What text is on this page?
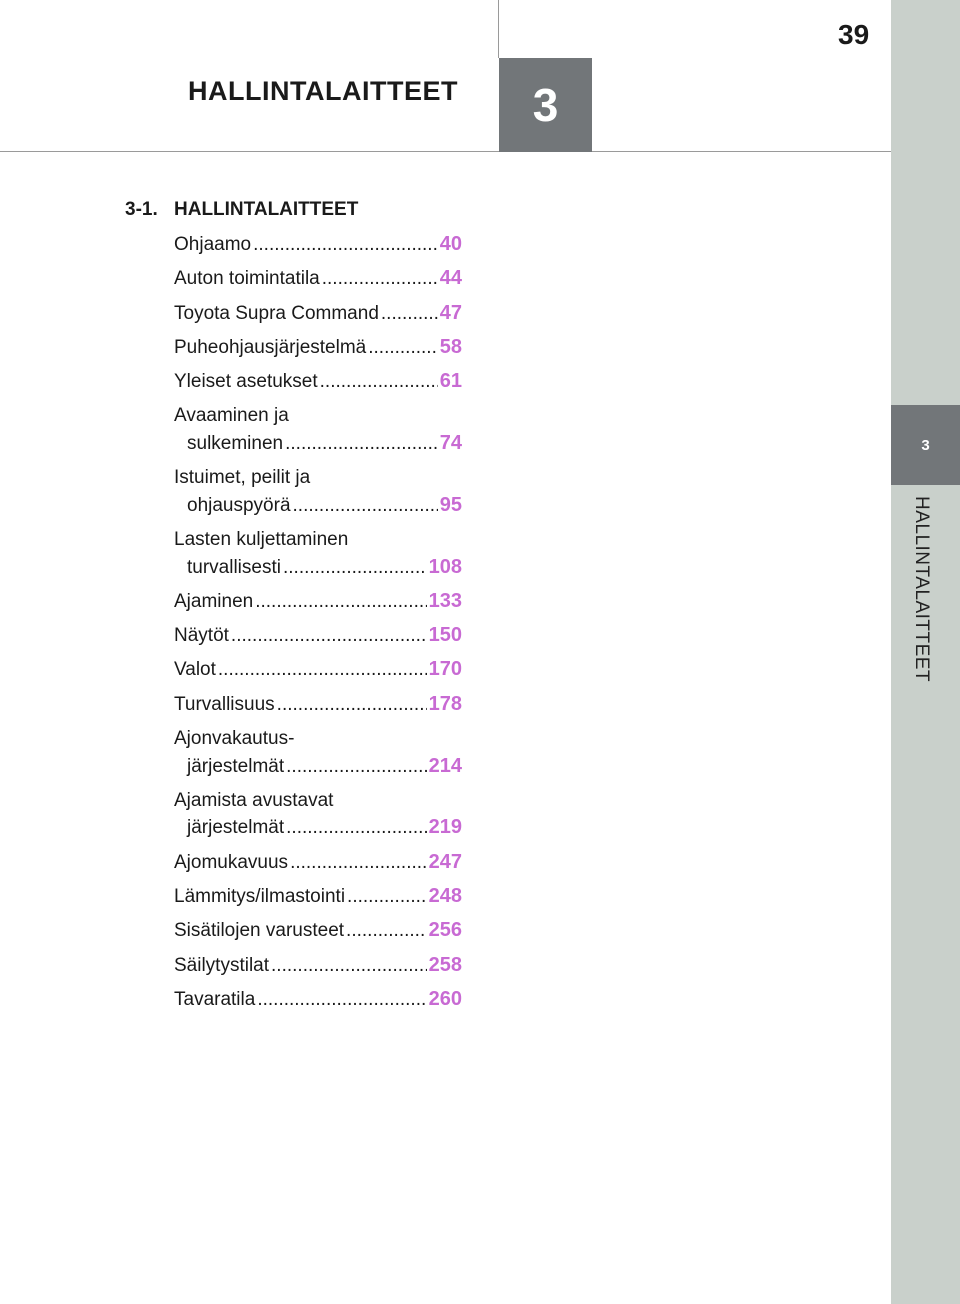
3
HALLINTALAITTEET
3
HALLINTALAITTEET
39
3-1. HALLINTALAITTEET
Ohjaamo .....	40
Auton toimintatila .....	44
Toyota Supra Command .....	47
Puheohjausjärjestelmä .....	58
Yleiset asetukset .....	61
Avaaminen ja
sulkeminen .....	74
Istuimet, peilit ja
ohjauspyörä .....	95
Lasten kuljettaminen
turvallisesti .....	108
Ajaminen .....	133
Näytöt .....	150
Valot .....	170
Turvallisuus .....	178
Ajonvakautus-
järjestelmät .....	214
Ajamista avustavat
järjestelmät .....	219
Ajomukavuus .....	247
Lämmitys/ilmastointi .....	248
Sisätilojen varusteet .....	256
Säilytystilat .....	258
Tavaratila .....	260
